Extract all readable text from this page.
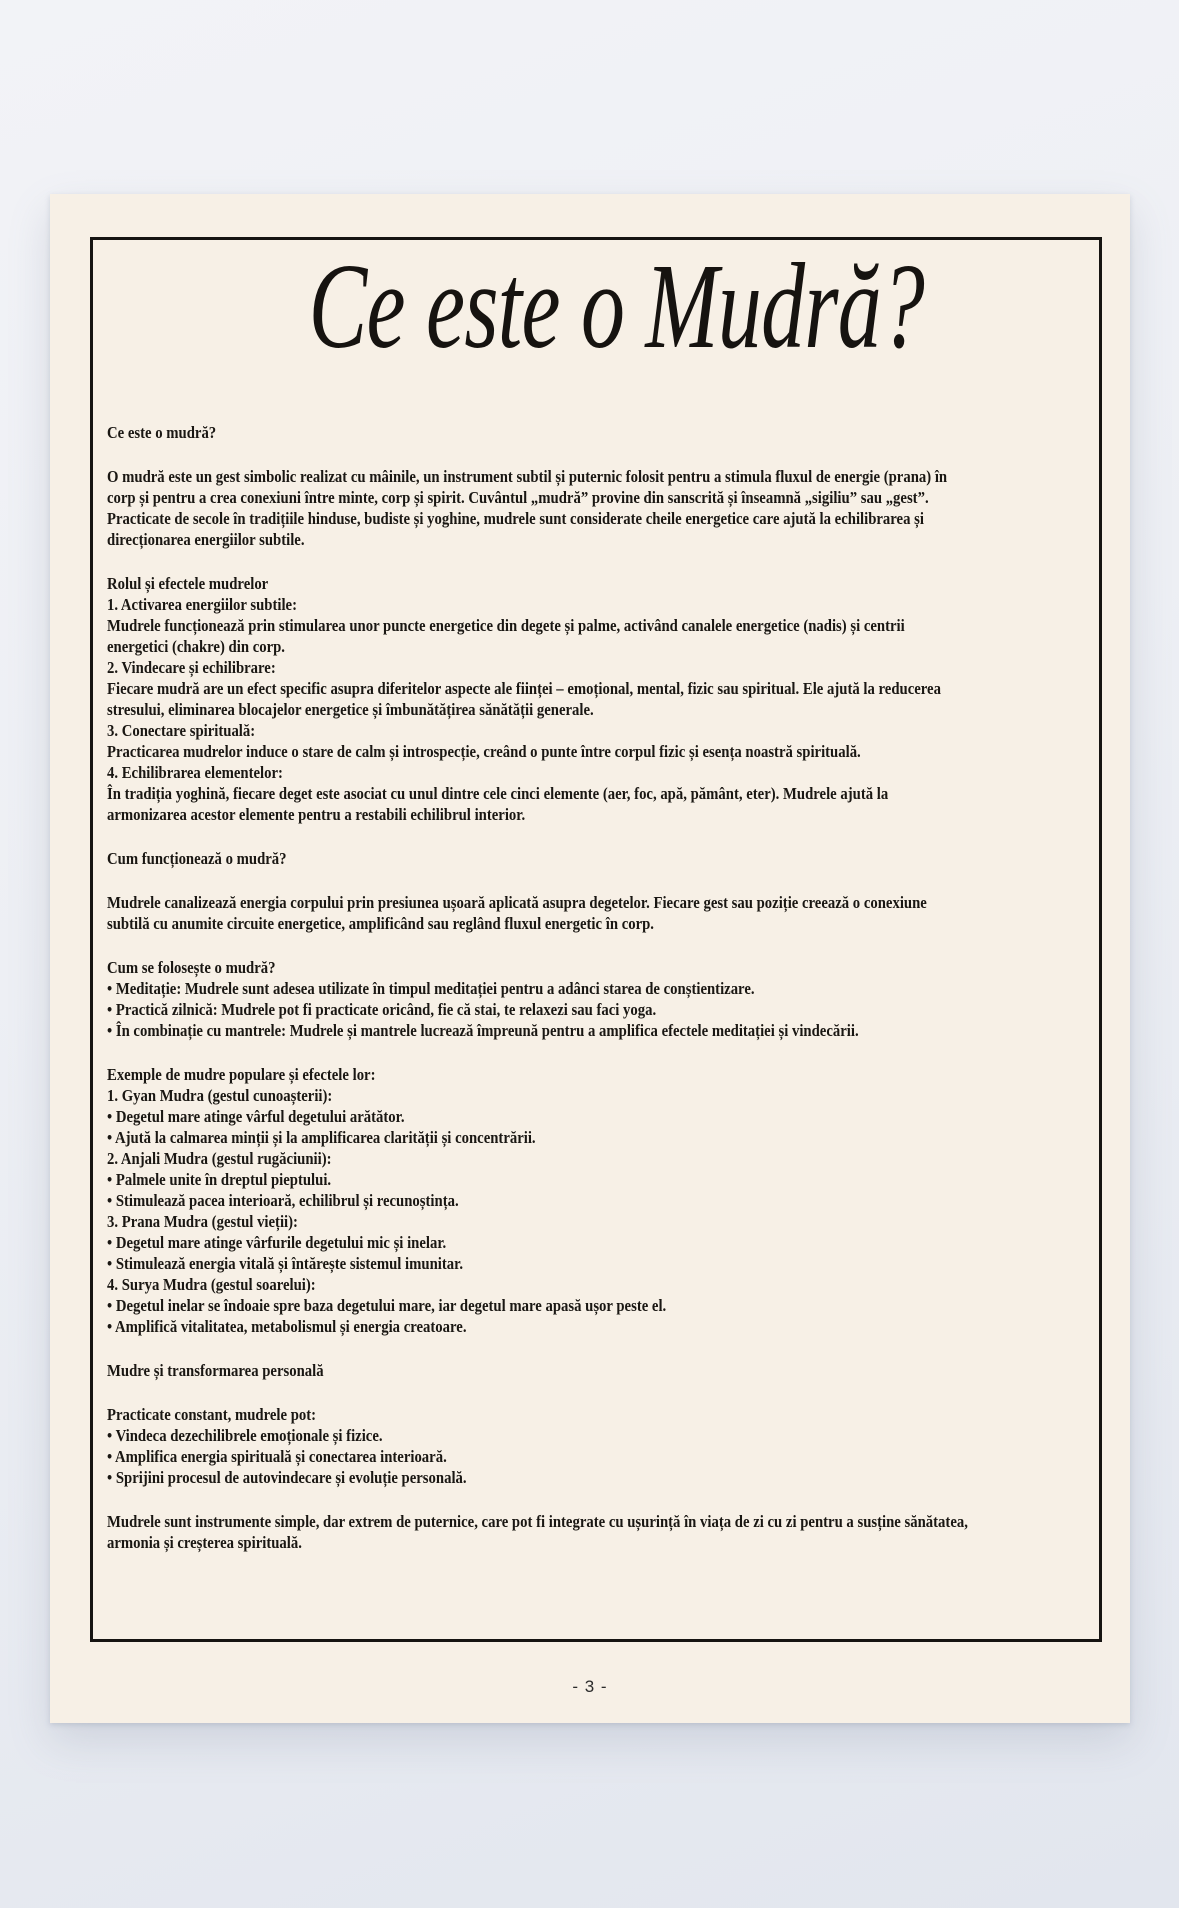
Ce este o Mudră?

Ce este o mudră?

O mudră este un gest simbolic realizat cu mâinile, un instrument subtil și puternic folosit pentru a stimula fluxul de energie (prana) în

corp și pentru a crea conexiuni între minte, corp și spirit. Cuvântul „mudră” provine din sanscrită și înseamnă „sigiliu” sau „gest”.

Practicate de secole în tradițiile hinduse, budiste și yoghine, mudrele sunt considerate cheile energetice care ajută la echilibrarea și

direcționarea energiilor subtile.

Rolul și efectele mudrelor

1. Activarea energiilor subtile:

Mudrele funcționează prin stimularea unor puncte energetice din degete și palme, activând canalele energetice (nadis) și centrii

energetici (chakre) din corp.

2. Vindecare și echilibrare:

Fiecare mudră are un efect specific asupra diferitelor aspecte ale ființei – emoțional, mental, fizic sau spiritual. Ele ajută la reducerea

stresului, eliminarea blocajelor energetice și îmbunătățirea sănătății generale.

3. Conectare spirituală:

Practicarea mudrelor induce o stare de calm și introspecție, creând o punte între corpul fizic și esența noastră spirituală.

4. Echilibrarea elementelor:

În tradiția yoghină, fiecare deget este asociat cu unul dintre cele cinci elemente (aer, foc, apă, pământ, eter). Mudrele ajută la

armonizarea acestor elemente pentru a restabili echilibrul interior.

Cum funcționează o mudră?

Mudrele canalizează energia corpului prin presiunea ușoară aplicată asupra degetelor. Fiecare gest sau poziție creează o conexiune

subtilă cu anumite circuite energetice, amplificând sau reglând fluxul energetic în corp.

Cum se folosește o mudră?

• Meditație: Mudrele sunt adesea utilizate în timpul meditației pentru a adânci starea de conștientizare.

• Practică zilnică: Mudrele pot fi practicate oricând, fie că stai, te relaxezi sau faci yoga.

• În combinație cu mantrele: Mudrele și mantrele lucrează împreună pentru a amplifica efectele meditației și vindecării.

Exemple de mudre populare și efectele lor:

1. Gyan Mudra (gestul cunoașterii):

• Degetul mare atinge vârful degetului arătător.

• Ajută la calmarea minții și la amplificarea clarității și concentrării.

2. Anjali Mudra (gestul rugăciunii):

• Palmele unite în dreptul pieptului.

• Stimulează pacea interioară, echilibrul și recunoștința.

3. Prana Mudra (gestul vieții):

• Degetul mare atinge vârfurile degetului mic și inelar.

• Stimulează energia vitală și întărește sistemul imunitar.

4. Surya Mudra (gestul soarelui):

• Degetul inelar se îndoaie spre baza degetului mare, iar degetul mare apasă ușor peste el.

• Amplifică vitalitatea, metabolismul și energia creatoare.

Mudre și transformarea personală

Practicate constant, mudrele pot:

• Vindeca dezechilibrele emoționale și fizice.

• Amplifica energia spirituală și conectarea interioară.

• Sprijini procesul de autovindecare și evoluție personală.

Mudrele sunt instrumente simple, dar extrem de puternice, care pot fi integrate cu ușurință în viața de zi cu zi pentru a susține sănătatea,

armonia și creșterea spirituală.

- 3 -
